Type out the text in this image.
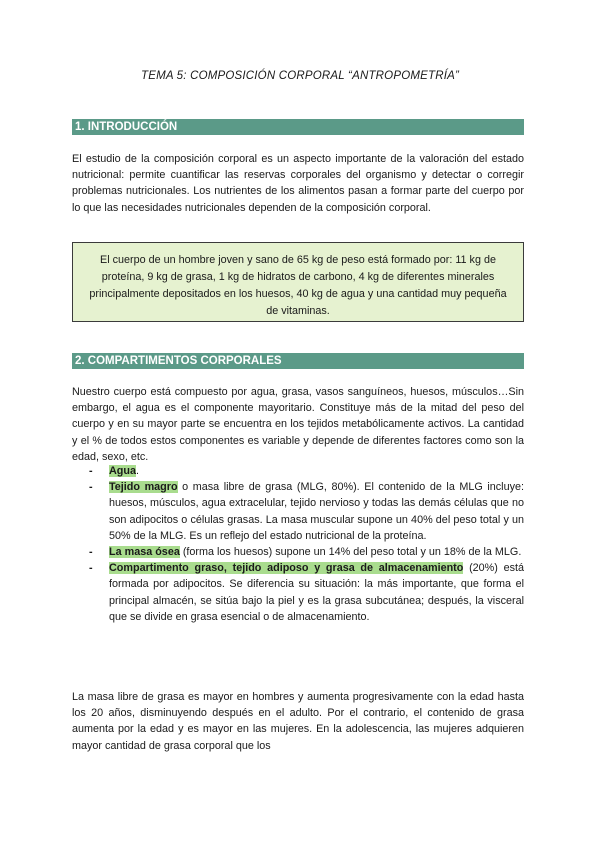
TEMA 5: COMPOSICIÓN CORPORAL “ANTROPOMETRÍA”
1. INTRODUCCIÓN

El estudio de la composición corporal es un aspecto importante de la valoración del estado nutricional: permite cuantificar las reservas corporales del organismo y detectar o corregir problemas nutricionales. Los nutrientes de los alimentos pasan a formar parte del cuerpo por lo que las necesidades nutricionales dependen de la composición corporal.

El cuerpo de un hombre joven y sano de 65 kg de peso está formado por: 11 kg de proteína, 9 kg de grasa, 1 kg de hidratos de carbono, 4 kg de diferentes minerales principalmente depositados en los huesos, 40 kg de agua y una cantidad muy pequeña de vitaminas.
2. COMPARTIMENTOS CORPORALES

Nuestro cuerpo está compuesto por agua, grasa, vasos sanguíneos, huesos, músculos…Sin embargo, el agua es el componente mayoritario. Constituye más de la mitad del peso del cuerpo y en su mayor parte se encuentra en los tejidos metabólicamente activos. La cantidad y el % de todos estos componentes es variable y depende de diferentes factores como son la edad, sexo, etc.

- Agua.
- Tejido magro o masa libre de grasa (MLG, 80%). El contenido de la MLG incluye: huesos, músculos, agua extracelular, tejido nervioso y todas las demás células que no son adipocitos o células grasas. La masa muscular supone un 40% del peso total y un 50% de la MLG. Es un reflejo del estado nutricional de la proteína.
- La masa ósea (forma los huesos) supone un 14% del peso total y un 18% de la MLG.
- Compartimento graso, tejido adiposo y grasa de almacenamiento (20%) está formada por adipocitos. Se diferencia su situación: la más importante, que forma el principal almacén, se sitúa bajo la piel y es la grasa subcutánea; después, la visceral que se divide en grasa esencial o de almacenamiento.

La masa libre de grasa es mayor en hombres y aumenta progresivamente con la edad hasta los 20 años, disminuyendo después en el adulto. Por el contrario, el contenido de grasa aumenta por la edad y es mayor en las mujeres. En la adolescencia, las mujeres adquieren mayor cantidad de grasa corporal que los
